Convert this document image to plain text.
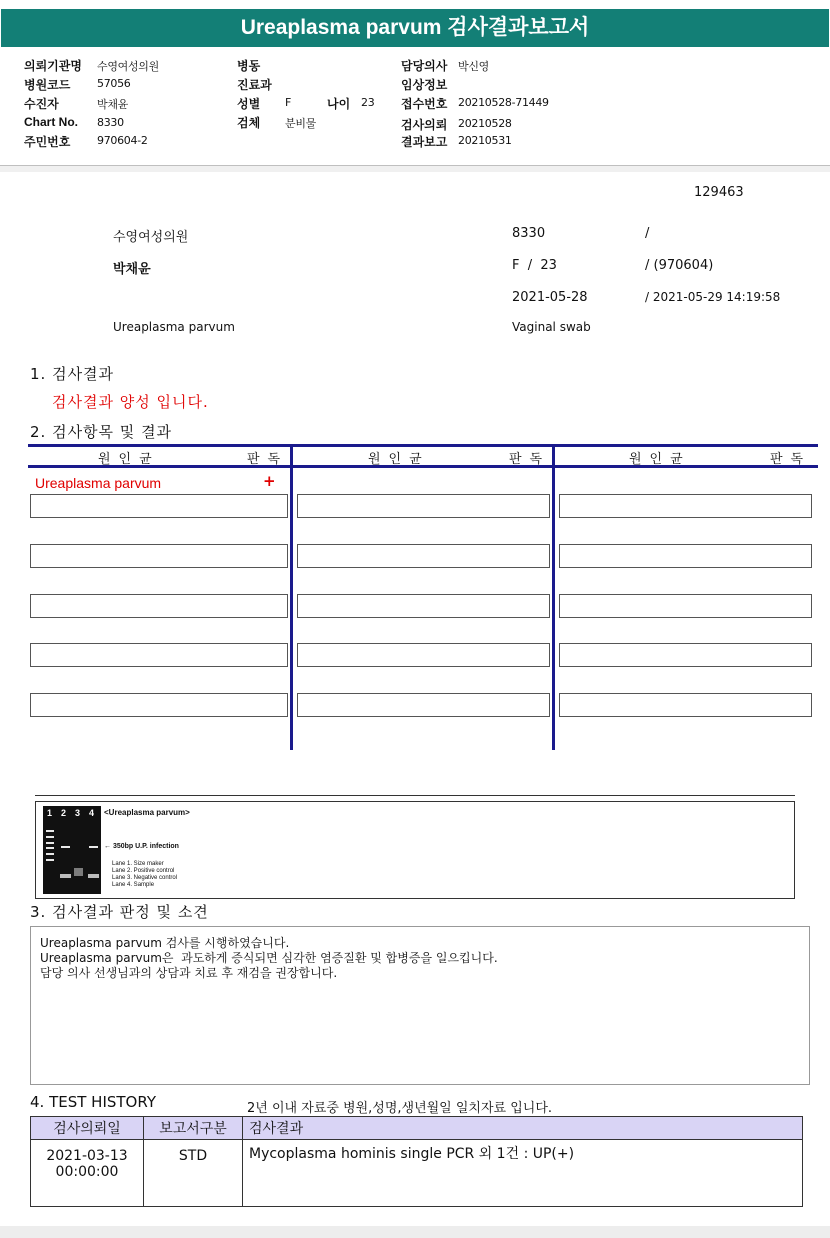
Ureaplasma parvum 검사결과보고서
의뢰기관명 수영여성의원
병원코드 57056
수진자	박채윤
Chart No. 8330
주민번호 970604-2
병동
진료과
성별 F	나이 23
검체 분비물
담당의사 박신영
임상정보
접수번호 20210528-71449
검사의뢰 20210528
결과보고 20210531
129463
수영여성의원	8330	/
박채윤	F  /  23	/ (970604)
2021-05-28	/ 2021-05-29 14:19:58
Ureaplasma parvum	Vaginal swab
1. 검사결과
검사결과 양성 입니다.
2. 검사항목 및 결과
원인균	판독	원인균	판독	원인균	판독
Ureaplasma parvum	+
1 2 3 4 <Ureaplasma parvum>
← 350bp U.P. infection
Lane 1. Size maker
Lane 2. Positive control
Lane 3. Negative control
Lane 4. Sample
3. 검사결과 판정 및 소견
Ureaplasma parvum 검사를 시행하였습니다.
Ureaplasma parvum은  과도하게 증식되면 심각한 염증질환 및 합병증을 일으킵니다.
담당 의사 선생님과의 상담과 치료 후 재검을 권장합니다.
4. TEST HISTORY	2년 이내 자료중 병원,성명,생년월일 일치자료 입니다.
검사의뢰일	보고서구분	검사결과

2021-03-13
00:00:00	STD	Mycoplasma hominis single PCR 외 1건 : UP(+)
